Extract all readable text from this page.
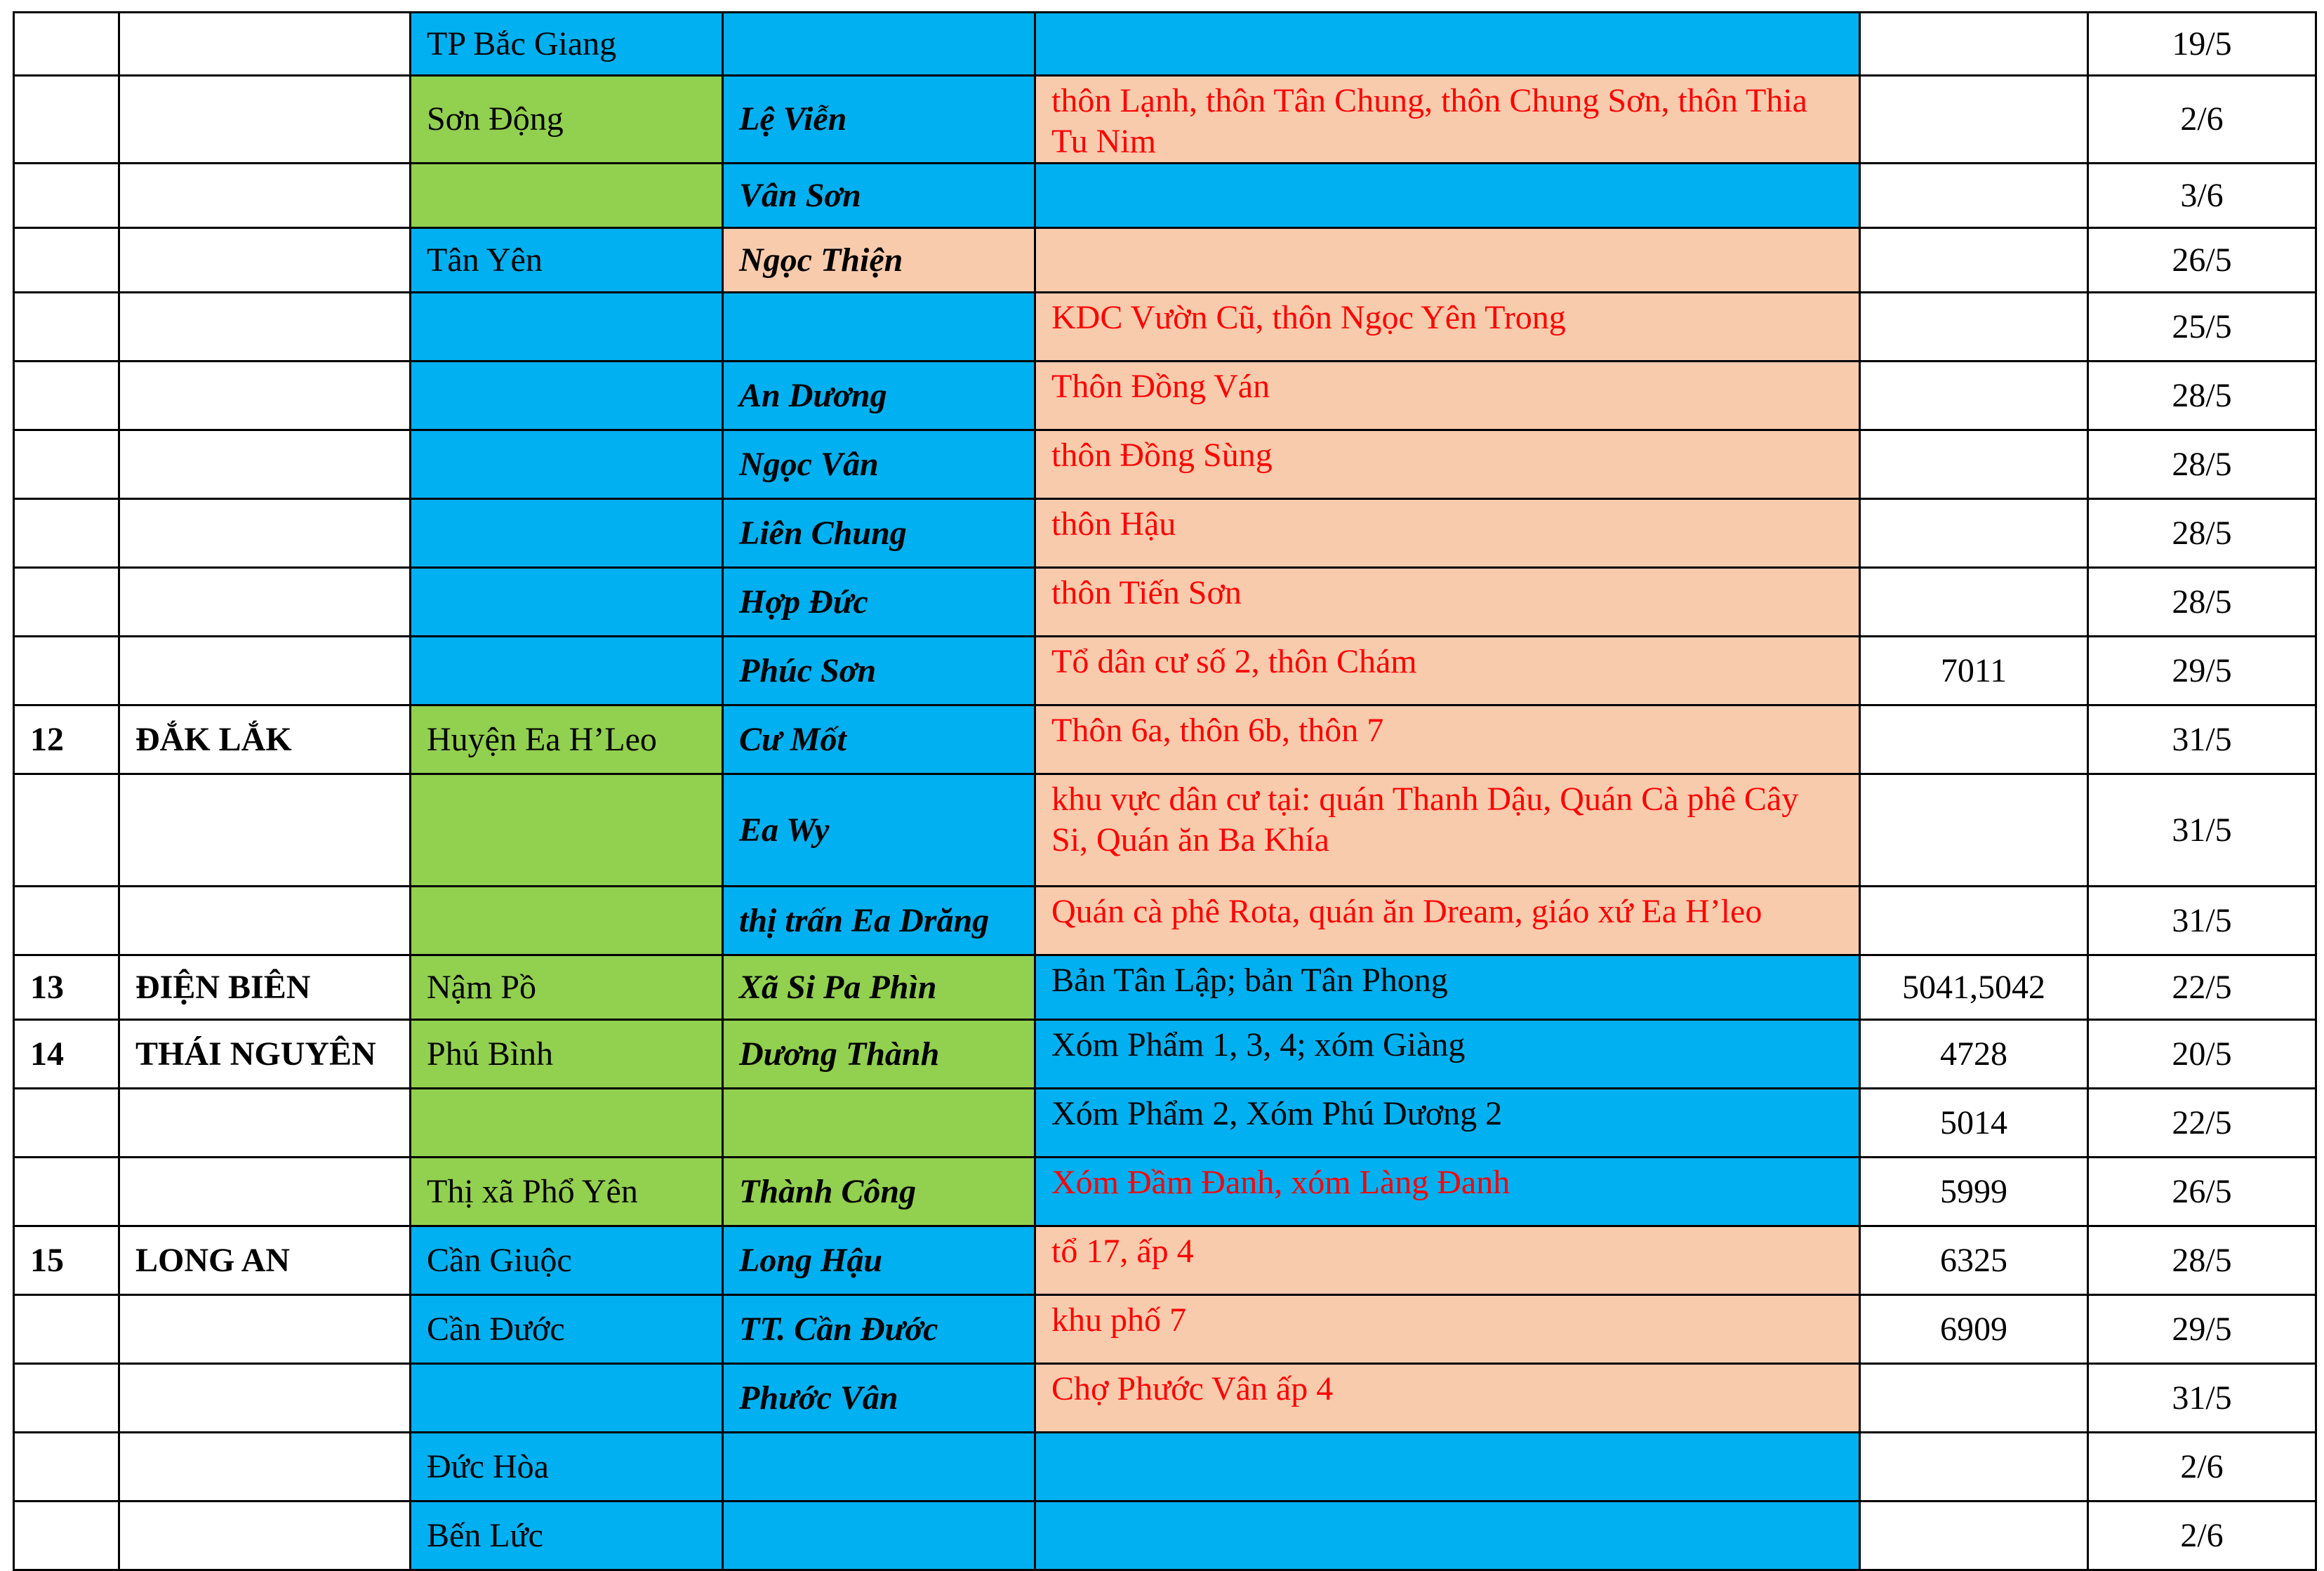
		TP Bắc Giang				19/5
		Sơn Động	Lệ Viễn	thôn Lạnh, thôn Tân Chung, thôn Chung Sơn, thôn Thia Tu Nim		2/6
			Vân Sơn			3/6
		Tân Yên	Ngọc Thiện			26/5
				KDC Vườn Cũ, thôn Ngọc Yên Trong		25/5
			An Dương	Thôn Đồng Ván		28/5
			Ngọc Vân	thôn Đồng Sùng		28/5
			Liên Chung	thôn Hậu		28/5
			Hợp Đức	thôn Tiến Sơn		28/5
			Phúc Sơn	Tổ dân cư số 2, thôn Chám	7011	29/5
12	ĐẮK LẮK	Huyện Ea H’Leo	Cư Mốt	Thôn 6a, thôn 6b, thôn 7		31/5
			Ea Wy	khu vực dân cư tại: quán Thanh Dậu, Quán Cà phê Cây Si, Quán ăn Ba Khía		31/5
			thị trấn Ea Drăng	Quán cà phê Rota, quán ăn Dream, giáo xứ Ea H’leo		31/5
13	ĐIỆN BIÊN	Nậm Pồ	Xã Si Pa Phìn	Bản Tân Lập; bản Tân Phong	5041,5042	22/5
14	THÁI NGUYÊN	Phú Bình	Dương Thành	Xóm Phẩm 1, 3, 4; xóm Giàng	4728	20/5
				Xóm Phẩm 2, Xóm Phú Dương 2	5014	22/5
		Thị xã Phổ Yên	Thành Công	Xóm Đầm Đanh, xóm Làng Đanh	5999	26/5
15	LONG AN	Cần Giuộc	Long Hậu	tổ 17, ấp 4	6325	28/5
		Cần Đước	TT. Cần Đước	khu phố 7	6909	29/5
			Phước Vân	Chợ Phước Vân ấp 4		31/5
		Đức Hòa				2/6
		Bến Lức				2/6
